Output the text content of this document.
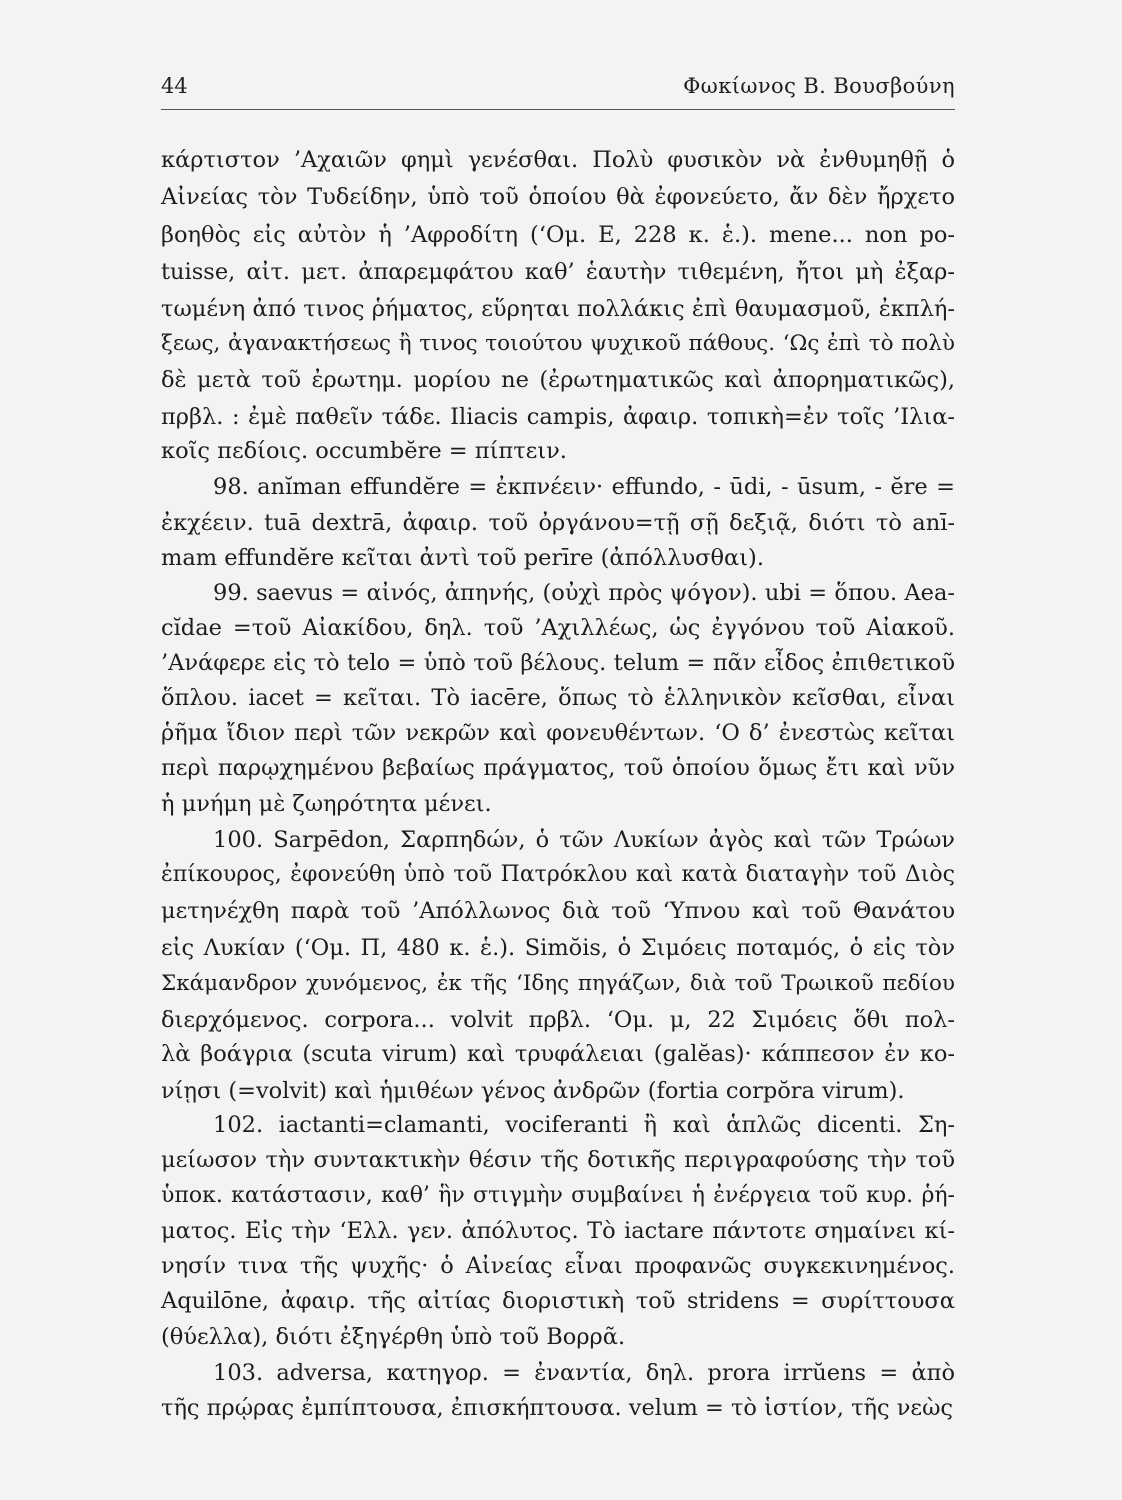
44	Φωκίωνος Β. Βουσβούνη
κάρτιστον ’Αχαιῶν φημὶ γενέσθαι. Πολὺ φυσικὸν νὰ ἐνθυμηθῇ ὁ
Αἰνείας τὸν Τυδείδην, ὑπὸ τοῦ ὁποίου θὰ ἐφονεύετο, ἄν δὲν ἤρχετο
βοηθὸς εἰς αὐτὸν ἡ ’Αφροδίτη (‘Ομ. Ε, 228 κ. ἑ.). mene... non po-
tuisse, αἰτ. μετ. ἀπαρεμφάτου καθ’ ἑαυτὴν τιθεμένη, ἤτοι μὴ ἐξαρ-
τωμένη ἀπό τινος ῥήματος, εὕρηται πολλάκις ἐπὶ θαυμασμοῦ, ἐκπλή-
ξεως, ἀγανακτήσεως ἢ τινος τοιούτου ψυχικοῦ πάθους. ‘Ως ἐπὶ τὸ πολὺ
δὲ μετὰ τοῦ ἐρωτημ. μορίου ne (ἐρωτηματικῶς καὶ ἀπορηματικῶς),
πρβλ. : ἐμὲ παθεῖν τάδε. Iliacis campis, ἀφαιρ. τοπικὴ=ἐν τοῖς ’Ιλια-
κοῖς πεδίοις. occumbĕre = πίπτειν.
98. anĭman effundĕre = ἐκπνέειν· effundo, - ūdi, - ūsum, - ĕre =
ἐκχέειν. tuā dextrā, ἀφαιρ. τοῦ ὀργάνου=τῇ σῇ δεξιᾷ, διότι τὸ anī-
mam effundĕre κεῖται ἀντὶ τοῦ perīre (ἀπόλλυσθαι).
99. saevus = αἰνός, ἀπηνής, (οὐχὶ πρὸς ψόγον). ubi = ὅπου. Aea-
cĭdae =τοῦ Αἰακίδου, δηλ. τοῦ ’Αχιλλέως, ὡς ἐγγόνου τοῦ Αἰακοῦ.
’Ανάφερε εἰς τὸ telo = ὑπὸ τοῦ βέλους. telum = πᾶν εἶδος ἐπιθετικοῦ
ὅπλου. iacet = κεῖται. Τὸ iacēre, ὅπως τὸ ἑλληνικὸν κεῖσθαι, εἶναι
ῥῆμα ἴδιον περὶ τῶν νεκρῶν καὶ φονευθέντων. ‘Ο δ’ ἐνεστὼς κεῖται
περὶ παρῳχημένου βεβαίως πράγματος, τοῦ ὁποίου ὅμως ἔτι καὶ νῦν
ἡ μνήμη μὲ ζωηρότητα μένει.
100. Sarpēdon, Σαρπηδών, ὁ τῶν Λυκίων ἀγὸς καὶ τῶν Τρώων
ἐπίκουρος, ἐφονεύθη ὑπὸ τοῦ Πατρόκλου καὶ κατὰ διαταγὴν τοῦ Διὸς
μετηνέχθη παρὰ τοῦ ’Απόλλωνος διὰ τοῦ ‘Υπνου καὶ τοῦ Θανάτου
εἰς Λυκίαν (‘Ομ. Π, 480 κ. ἑ.). Simŏis, ὁ Σιμόεις ποταμός, ὁ εἰς τὸν
Σκάμανδρον χυνόμενος, ἐκ τῆς ‘Ιδης πηγάζων, διὰ τοῦ Τρωικοῦ πεδίου
διερχόμενος. corpora... volvit πρβλ. ‘Ομ. μ, 22 Σιμόεις ὅθι πολ-
λὰ βοάγρια (scuta virum) καὶ τρυφάλειαι (galĕas)· κάππεσον ἐν κο-
νίῃσι (=volvit) καὶ ἡμιθέων γένος ἀνδρῶν (fortia corpŏra virum).
102. iactanti=clamanti, vociferanti ἢ καὶ ἁπλῶς dicenti. Ση-
μείωσον τὴν συντακτικὴν θέσιν τῆς δοτικῆς περιγραφούσης τὴν τοῦ
ὑποκ. κατάστασιν, καθ’ ἣν στιγμὴν συμβαίνει ἡ ἐνέργεια τοῦ κυρ. ῥή-
ματος. Εἰς τὴν ‘Ελλ. γεν. ἀπόλυτος. Τὸ iactare πάντοτε σημαίνει κί-
νησίν τινα τῆς ψυχῆς· ὁ Αἰνείας εἶναι προφανῶς συγκεκινημένος.
Aquilōne, ἀφαιρ. τῆς αἰτίας διοριστικὴ τοῦ stridens = συρίττουσα
(θύελλα), διότι ἐξηγέρθη ὑπὸ τοῦ Βορρᾶ.
103. adversa, κατηγορ. = ἐναντία, δηλ. prora irrŭens = ἀπὸ
τῆς πρῴρας ἐμπίπτουσα, ἐπισκήπτουσα. velum = τὸ ἱστίον, τῆς νεὼς
